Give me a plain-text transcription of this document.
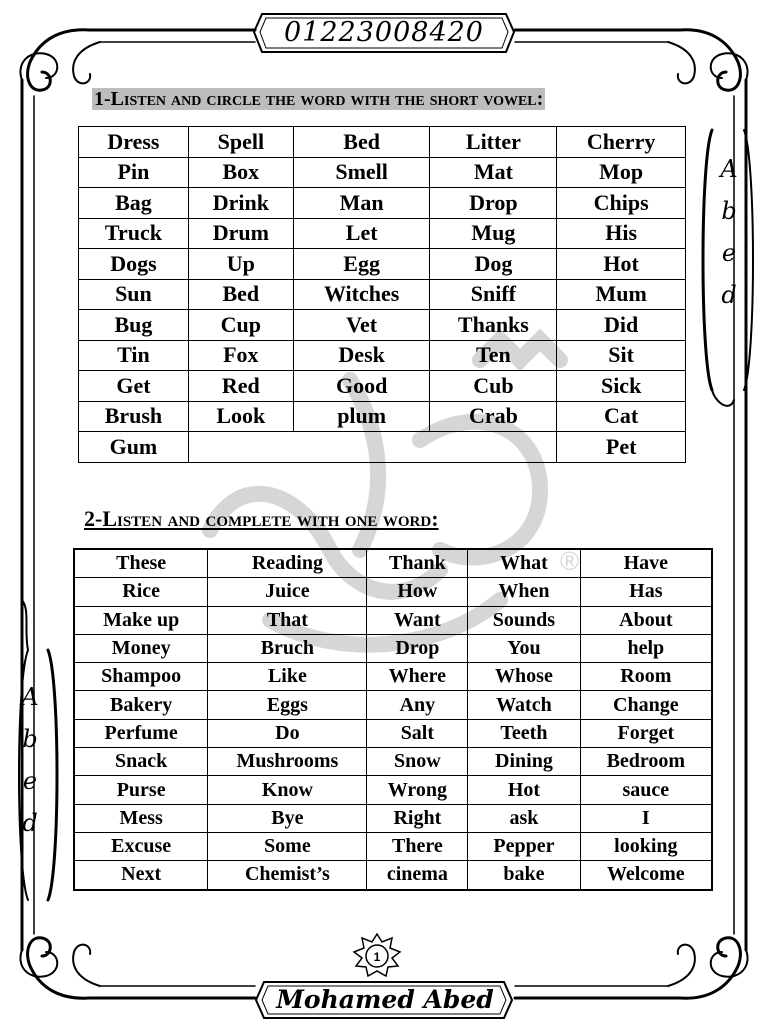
®
01223008420
1-Listen and circle the word with the short vowel:
Dress	Spell	Bed	Litter	Cherry
Pin	Box	Smell	Mat	Mop
Bag	Drink	Man	Drop	Chips
Truck	Drum	Let	Mug	His
Dogs	Up	Egg	Dog	Hot
Sun	Bed	Witches	Sniff	Mum
Bug	Cup	Vet	Thanks	Did
Tin	Fox	Desk	Ten	Sit
Get	Red	Good	Cub	Sick
Brush	Look	plum	Crab	Cat
Gum				Pet
2-Listen and complete with one word:
These	Reading	Thank	What	Have
Rice	Juice	How	When	Has
Make up	That	Want	Sounds	About
Money	Bruch	Drop	You	help
Shampoo	Like	Where	Whose	Room
Bakery	Eggs	Any	Watch	Change
Perfume	Do	Salt	Teeth	Forget
Snack	Mushrooms	Snow	Dining	Bedroom
Purse	Know	Wrong	Hot	sauce
Mess	Bye	Right	ask	I
Excuse	Some	There	Pepper	looking
Next	Chemist’s	cinema	bake	Welcome
A
b
e
d
A
b
e
d
1
Mohamed Abed
